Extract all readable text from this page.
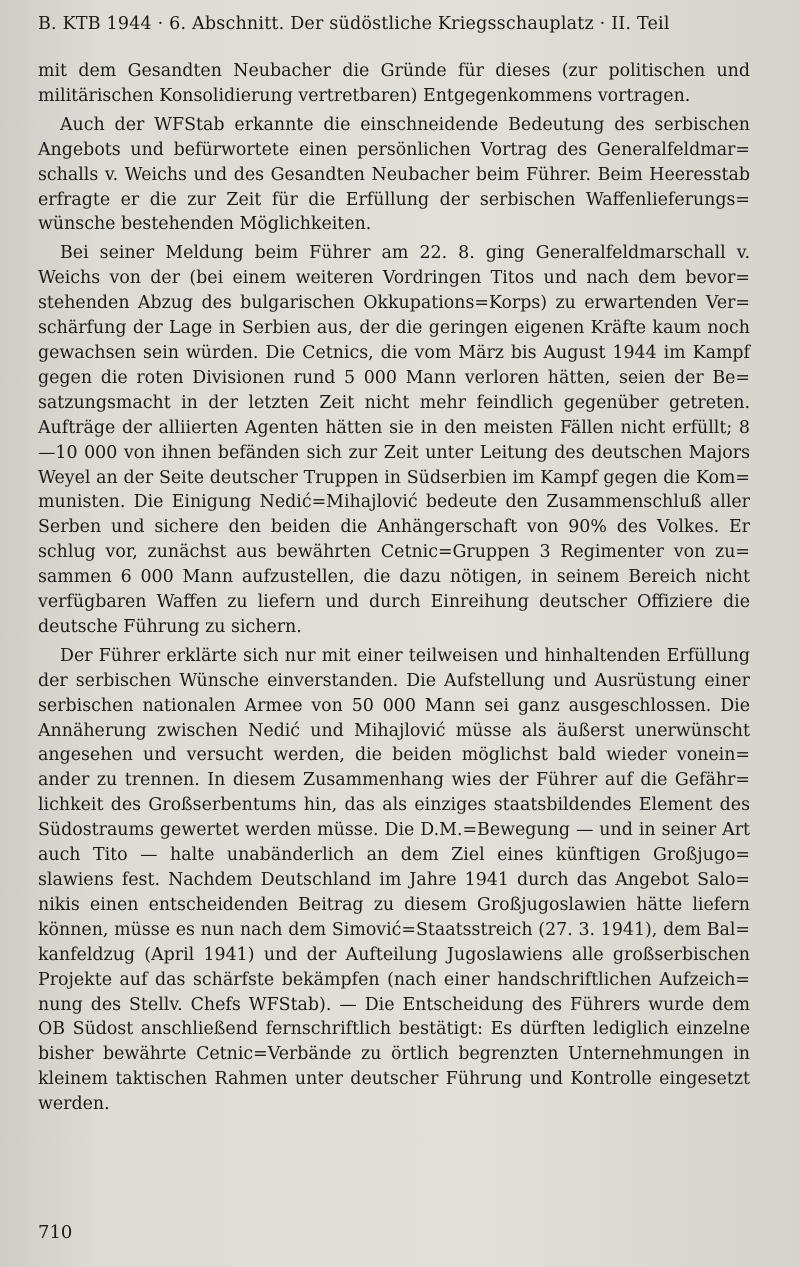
B. KTB 1944 · 6. Abschnitt. Der südöstliche Kriegsschauplatz · II. Teil

mit dem Gesandten Neubacher die Gründe für dieses (zur politischen und militärischen Konsolidierung vertretbaren) Entgegenkommens vortragen.

Auch der WFStab erkannte die einschneidende Bedeutung des serbischen Angebots und befürwortete einen persönlichen Vortrag des Generalfeldmar= schalls v. Weichs und des Gesandten Neubacher beim Führer. Beim Heeresstab erfragte er die zur Zeit für die Erfüllung der serbischen Waffenlieferungs= wünsche bestehenden Möglichkeiten.

Bei seiner Meldung beim Führer am 22. 8. ging Generalfeldmarschall v. Weichs von der (bei einem weiteren Vordringen Titos und nach dem bevor= stehenden Abzug des bulgarischen Okkupations=Korps) zu erwartenden Ver= schärfung der Lage in Serbien aus, der die geringen eigenen Kräfte kaum noch gewachsen sein würden. Die Cetnics, die vom März bis August 1944 im Kampf gegen die roten Divisionen rund 5 000 Mann verloren hätten, seien der Be= satzungsmacht in der letzten Zeit nicht mehr feindlich gegenüber getreten. Aufträge der alliierten Agenten hätten sie in den meisten Fällen nicht erfüllt; 8—10 000 von ihnen befänden sich zur Zeit unter Leitung des deutschen Majors Weyel an der Seite deutscher Truppen in Südserbien im Kampf gegen die Kom= munisten. Die Einigung Nedić=Mihajlović bedeute den Zusammenschluß aller Serben und sichere den beiden die Anhängerschaft von 90% des Volkes. Er schlug vor, zunächst aus bewährten Cetnic=Gruppen 3 Regimenter von zu= sammen 6 000 Mann aufzustellen, die dazu nötigen, in seinem Bereich nicht verfügbaren Waffen zu liefern und durch Einreihung deutscher Offiziere die deutsche Führung zu sichern.

Der Führer erklärte sich nur mit einer teilweisen und hinhaltenden Erfüllung der serbischen Wünsche einverstanden. Die Aufstellung und Ausrüstung einer serbischen nationalen Armee von 50 000 Mann sei ganz ausgeschlossen. Die Annäherung zwischen Nedić und Mihajlović müsse als äußerst unerwünscht angesehen und versucht werden, die beiden möglichst bald wieder vonein= ander zu trennen. In diesem Zusammenhang wies der Führer auf die Gefähr= lichkeit des Großserbentums hin, das als einziges staatsbildendes Element des Südostraums gewertet werden müsse. Die D.M.=Bewegung — und in seiner Art auch Tito — halte unabänderlich an dem Ziel eines künftigen Großjugo= slawiens fest. Nachdem Deutschland im Jahre 1941 durch das Angebot Salo= nikis einen entscheidenden Beitrag zu diesem Großjugoslawien hätte liefern können, müsse es nun nach dem Simović=Staatsstreich (27. 3. 1941), dem Bal= kanfeldzug (April 1941) und der Aufteilung Jugoslawiens alle großserbischen Projekte auf das schärfste bekämpfen (nach einer handschriftlichen Aufzeich= nung des Stellv. Chefs WFStab). — Die Entscheidung des Führers wurde dem OB Südost anschließend fernschriftlich bestätigt: Es dürften lediglich einzelne bisher bewährte Cetnic=Verbände zu örtlich begrenzten Unternehmungen in kleinem taktischen Rahmen unter deutscher Führung und Kontrolle eingesetzt werden.

710
